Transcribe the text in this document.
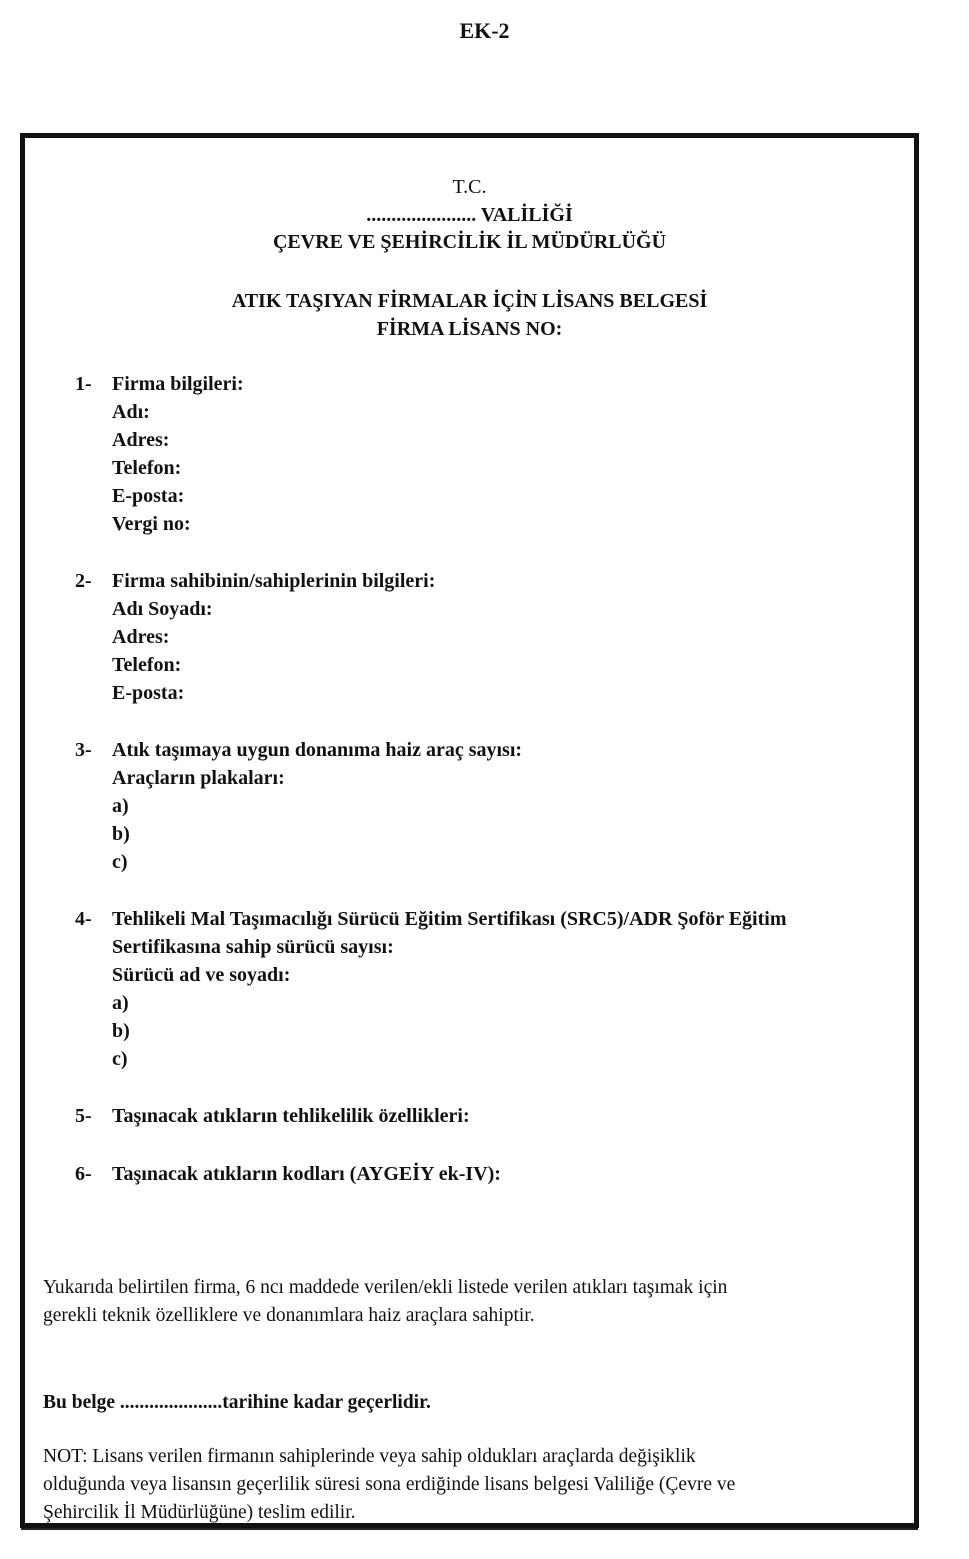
EK-2
T.C.
...................... VALİLİĞİ
ÇEVRE VE ŞEHİRCİLİK İL MÜDÜRLÜĞÜ
ATIK TAŞIYAN FİRMALAR İÇİN LİSANS BELGESİ
FİRMA LİSANS NO:
1- Firma bilgileri:
Adı:
Adres:
Telefon:
E-posta:
Vergi no:
2- Firma sahibinin/sahiplerinin bilgileri:
Adı Soyadı:
Adres:
Telefon:
E-posta:
3- Atık taşımaya uygun donanıma haiz araç sayısı:
Araçların plakaları:
a)
b)
c)
4- Tehlikeli Mal Taşımacılığı Sürücü Eğitim Sertifikası (SRC5)/ADR Şoför Eğitim
Sertifikasına sahip sürücü sayısı:
Sürücü ad ve soyadı:
a)
b)
c)
5- Taşınacak atıkların tehlikelilik özellikleri:
6- Taşınacak atıkların kodları (AYGEİY ek-IV):
Yukarıda belirtilen firma, 6 ncı maddede verilen/ekli listede verilen atıkları taşımak için
gerekli teknik özelliklere ve donanımlara haiz araçlara sahiptir.
Bu belge .....................tarihine kadar geçerlidir.
NOT: Lisans verilen firmanın sahiplerinde veya sahip oldukları araçlarda değişiklik
olduğunda veya lisansın geçerlilik süresi sona erdiğinde lisans belgesi Valiliğe (Çevre ve
Şehircilik İl Müdürlüğüne) teslim edilir.
